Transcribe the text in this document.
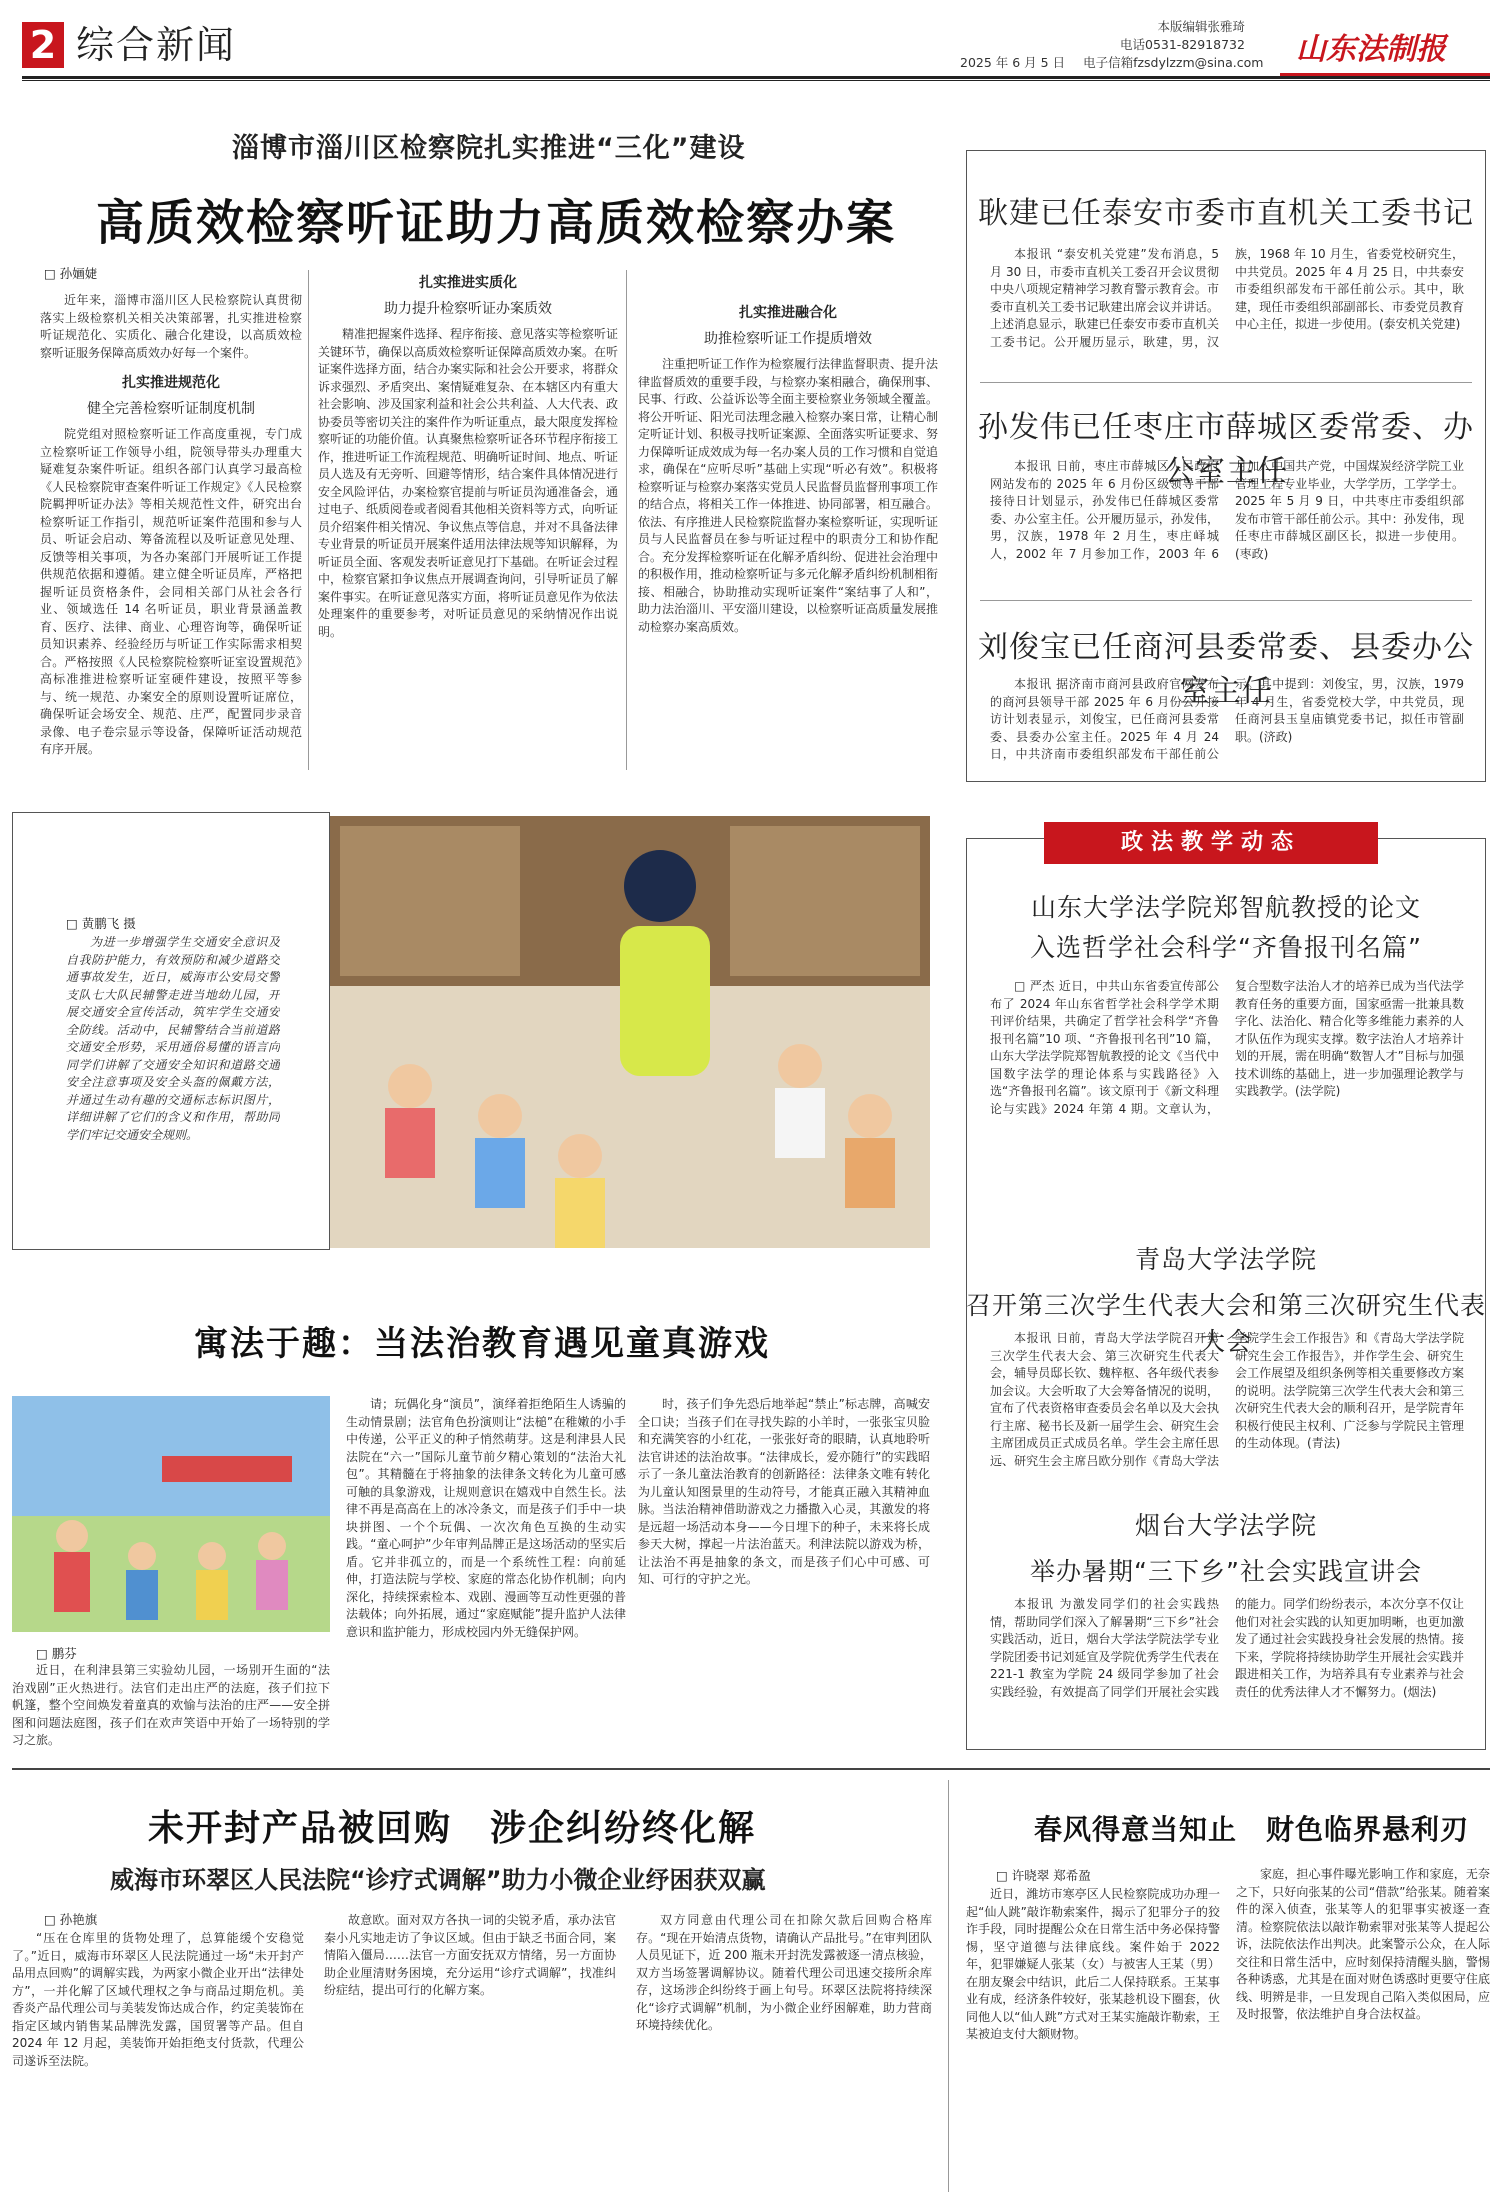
2 综合新闻	本版编辑张雅琦
电话0531-82918732
2025 年 6 月 5 日 电子信箱fzsdylzzm@sina.com 山东法制报
淄博市淄川区检察院扎实推进“三化”建设
高质效检察听证助力高质效检察办案
□ 孙婳婕
近年来，淄博市淄川区人民检察院认真贯彻落实上级检察机关相关决策部署，扎实推进检察听证规范化、实质化、融合化建设，以高质效检察听证服务保障高质效办好每一个案件。
扎实推进规范化
健全完善检察听证制度机制
院党组对照检察听证工作高度重视，专门成立检察听证工作领导小组，院领导带头办理重大疑难复杂案件听证。组织各部门认真学习最高检《人民检察院审查案件听证工作规定》《人民检察院羁押听证办法》等相关规范性文件，研究出台检察听证工作指引，规范听证案件范围和参与人员、听证会启动、筹备流程以及听证意见处理、反馈等相关事项，为各办案部门开展听证工作提供规范依据和遵循。建立健全听证员库，严格把握听证员资格条件，会同相关部门从社会各行业、领域选任 14 名听证员，职业背景涵盖教育、医疗、法律、商业、心理咨询等，确保听证员知识素养、经验经历与听证工作实际需求相契合。严格按照《人民检察院检察听证室设置规范》高标准推进检察听证室硬件建设，按照平等参与、统一规范、办案安全的原则设置听证席位，确保听证会场安全、规范、庄严，配置同步录音录像、电子卷宗显示等设备，保障听证活动规范有序开展。
扎实推进实质化
助力提升检察听证办案质效
精准把握案件选择、程序衔接、意见落实等检察听证关键环节，确保以高质效检察听证保障高质效办案。在听证案件选择方面，结合办案实际和社会公开要求，将群众诉求强烈、矛盾突出、案情疑难复杂、在本辖区内有重大社会影响、涉及国家利益和社会公共利益、人大代表、政协委员等密切关注的案件作为听证重点，最大限度发挥检察听证的功能价值。认真聚焦检察听证各环节程序衔接工作，推进听证工作流程规范、明确听证时间、地点、听证员人选及有无旁听、回避等情形，结合案件具体情况进行安全风险评估，办案检察官提前与听证员沟通准备会，通过电子、纸质阅卷或者阅看其他相关资料等方式，向听证员介绍案件相关情况、争议焦点等信息，并对不具备法律专业背景的听证员开展案件适用法律法规等知识解释，为听证员全面、客观发表听证意见打下基础。在听证会过程中，检察官紧扣争议焦点开展调查询问，引导听证员了解案件事实。在听证意见落实方面，将听证员意见作为依法处理案件的重要参考，对听证员意见的采纳情况作出说明。
扎实推进融合化
助推检察听证工作提质增效
注重把听证工作作为检察履行法律监督职责、提升法律监督质效的重要手段，与检察办案相融合，确保刑事、民事、行政、公益诉讼等全面主要检察业务领域全覆盖。将公开听证、阳光司法理念融入检察办案日常，让精心制定听证计划、积极寻找听证案源、全面落实听证要求、努力保障听证成效成为每一名办案人员的工作习惯和自觉追求，确保在“应听尽听”基础上实现“听必有效”。积极将检察听证与检察办案落实党员人民监督员监督刑事项工作的结合点，将相关工作一体推进、协同部署，相互融合。依法、有序推进人民检察院监督办案检察听证，实现听证员与人民监督员在参与听证过程中的职责分工和协作配合。充分发挥检察听证在化解矛盾纠纷、促进社会治理中的积极作用，推动检察听证与多元化解矛盾纠纷机制相衔接、相融合，协助推动实现听证案件“案结事了人和”，助力法治淄川、平安淄川建设，以检察听证高质量发展推动检察办案高质效。
耿建已任泰安市委市直机关工委书记
本报讯 “泰安机关党建”发布消息，5 月 30 日，市委市直机关工委召开会议贯彻中央八项规定精神学习教育警示教育会。市委市直机关工委书记耿建出席会议并讲话。上述消息显示，耿建已任泰安市委市直机关工委书记。公开履历显示，耿建，男，汉族，1968 年 10 月生，省委党校研究生，中共党员。2025 年 4 月 25 日，中共泰安市委组织部发布干部任前公示。其中，耿建，现任市委组织部副部长、市委党员教育中心主任，拟进一步使用。(泰安机关党建)
孙发伟已任枣庄市薛城区委常委、办公室主任
本报讯 日前，枣庄市薛城区人民政府网站发布的 2025 年 6 月份区级领导干部接待日计划显示，孙发伟已任薛城区委常委、办公室主任。公开履历显示，孙发伟，男，汉族，1978 年 2 月生，枣庄峄城人，2002 年 7 月参加工作，2003 年 6 月加入中国共产党，中国煤炭经济学院工业管理工程专业毕业，大学学历，工学学士。2025 年 5 月 9 日，中共枣庄市委组织部发布市管干部任前公示。其中：孙发伟，现任枣庄市薛城区副区长，拟进一步使用。(枣政)
刘俊宝已任商河县委常委、县委办公室主任
本报讯 据济南市商河县政府官网发布的商河县领导干部 2025 年 6 月份公开接访计划表显示，刘俊宝，已任商河县委常委、县委办公室主任。2025 年 4 月 24 日，中共济南市委组织部发布干部任前公示。其中提到：刘俊宝，男，汉族，1979 年 4 月生，省委党校大学，中共党员，现任商河县玉皇庙镇党委书记，拟任市管副职。(济政)
□ 黄鹏飞 摄
为进一步增强学生交通安全意识及自我防护能力，有效预防和减少道路交通事故发生，近日，威海市公安局交警支队七大队民辅警走进当地幼儿园，开展交通安全宣传活动，筑牢学生交通安全防线。活动中，民辅警结合当前道路交通安全形势，采用通俗易懂的语言向同学们讲解了交通安全知识和道路交通安全注意事项及安全头盔的佩戴方法，并通过生动有趣的交通标志标识图片，详细讲解了它们的含义和作用，帮助同学们牢记交通安全规则。
寓法于趣：当法治教育遇见童真游戏
□ 鹏芬
近日，在利津县第三实验幼儿园，一场别开生面的“法治戏剧”正火热进行。法官们走出庄严的法庭，孩子们拉下帆篷，整个空间焕发着童真的欢愉与法治的庄严——安全拼图和问题法庭图，孩子们在欢声笑语中开始了一场特别的学习之旅。
请；玩偶化身“演员”，演绎着拒绝陌生人诱骗的生动情景剧；法官角色扮演则让“法槌”在稚嫩的小手中传递，公平正义的种子悄然萌芽。这是利津县人民法院在“六一”国际儿童节前夕精心策划的“法治大礼包”。其精髓在于将抽象的法律条文转化为儿童可感可触的具象游戏，让规则意识在嬉戏中自然生长。法律不再是高高在上的冰冷条文，而是孩子们手中一块块拼图、一个个玩偶、一次次角色互换的生动实践。“童心呵护”少年审判品牌正是这场活动的坚实后盾。它并非孤立的，而是一个系统性工程：向前延伸，打造法院与学校、家庭的常态化协作机制；向内深化，持续探索检本、戏剧、漫画等互动性更强的普法载体；向外拓展，通过“家庭赋能”提升监护人法律意识和监护能力，形成校园内外无缝保护网。
时，孩子们争先恐后地举起“禁止”标志牌，高喊安全口诀；当孩子们在寻找失踪的小羊时，一张张宝贝脸和充满笑容的小红花，一张张好奇的眼睛，认真地聆听法官讲述的法治故事。“法律成长，爱亦随行”的实践昭示了一条儿童法治教育的创新路径：法律条文唯有转化为儿童认知图景里的生动符号，才能真正融入其精神血脉。当法治精神借助游戏之力播撒入心灵，其激发的将是远超一场活动本身——今日埋下的种子，未来将长成参天大树，撑起一片法治蓝天。利津法院以游戏为桥，让法治不再是抽象的条文，而是孩子们心中可感、可知、可行的守护之光。
政法教学动态
山东大学法学院郑智航教授的论文
入选哲学社会科学“齐鲁报刊名篇”
□ 严杰 近日，中共山东省委宣传部公布了 2024 年山东省哲学社会科学学术期刊评价结果，共确定了哲学社会科学“齐鲁报刊名篇”10 项、“齐鲁报刊名刊”10 篇，山东大学法学院郑智航教授的论文《当代中国数字法学的理论体系与实践路径》入选“齐鲁报刊名篇”。该文原刊于《新文科理论与实践》2024 年第 4 期。文章认为，复合型数字法治人才的培养已成为当代法学教育任务的重要方面，国家亟需一批兼具数字化、法治化、精合化等多维能力素养的人才队伍作为现实支撑。数字法治人才培养计划的开展，需在明确“数智人才”目标与加强技术训练的基础上，进一步加强理论教学与实践教学。(法学院)
青岛大学法学院
召开第三次学生代表大会和第三次研究生代表大会
本报讯 日前，青岛大学法学院召开第三次学生代表大会、第三次研究生代表大会，辅导员邸长钦、魏梓枢、各年级代表参加会议。大会听取了大会筹备情况的说明，宣布了代表资格审查委员会名单以及大会执行主席、秘书长及新一届学生会、研究生会主席团成员正式成员名单。学生会主席任思远、研究生会主席吕欧分别作《青岛大学法学院学生会工作报告》和《青岛大学法学院研究生会工作报告》，并作学生会、研究生会工作展望及组织条例等相关重要修改方案的说明。法学院第三次学生代表大会和第三次研究生代表大会的顺利召开，是学院青年积极行使民主权利、广泛参与学院民主管理的生动体现。(青法)
烟台大学法学院
举办暑期“三下乡”社会实践宣讲会
本报讯 为激发同学们的社会实践热情，帮助同学们深入了解暑期“三下乡”社会实践活动，近日，烟台大学法学院法学专业学院团委书记刘延宣及学院优秀学生代表在 221-1 教室为学院 24 级同学参加了社会实践经验，有效提高了同学们开展社会实践的能力。同学们纷纷表示，本次分享不仅让他们对社会实践的认知更加明晰，也更加激发了通过社会实践投身社会发展的热情。接下来，学院将持续协助学生开展社会实践并跟进相关工作，为培养具有专业素养与社会责任的优秀法律人才不懈努力。(烟法)
未开封产品被回购　涉企纠纷终化解
威海市环翠区人民法院“诊疗式调解”助力小微企业纾困获双赢
□ 孙艳旗
“压在仓库里的货物处理了，总算能缓个安稳觉了。”近日，威海市环翠区人民法院通过一场“未开封产品用点回购”的调解实践，为两家小微企业开出“法律处方”，一并化解了区域代理权之争与商品过期危机。美香炎产品代理公司与美装发饰达成合作，约定美装饰在指定区域内销售某品牌洗发露，国贸署等产品。但自 2024 年 12 月起，美装饰开始拒绝支付货款，代理公司遂诉至法院。
故意欧。面对双方各执一词的尖锐矛盾，承办法官秦小凡实地走访了争议区域。但由于缺乏书面合同，案情陷入僵局……法官一方面安抚双方情绪，另一方面协助企业厘清财务困境，充分运用“诊疗式调解”，找准纠纷症结，提出可行的化解方案。
双方同意由代理公司在扣除欠款后回购合格库存。“现在开始清点货物，请确认产品批号。”在审判团队人员见证下，近 200 瓶未开封洗发露被逐一清点核验，双方当场签署调解协议。随着代理公司迅速交接所余库存，这场涉企纠纷终于画上句号。环翠区法院将持续深化“诊疗式调解”机制，为小微企业纾困解难，助力营商环境持续优化。
春风得意当知止　财色临界悬利刃
□ 许晓翠 郑希盈
近日，潍坊市寒亭区人民检察院成功办理一起“仙人跳”敲诈勒索案件，揭示了犯罪分子的狡诈手段，同时提醒公众在日常生活中务必保持警惕，坚守道德与法律底线。案件始于 2022 年，犯罪嫌疑人张某（女）与被害人王某（男）在朋友聚会中结识，此后二人保持联系。王某事业有成，经济条件较好，张某趁机设下圈套，伙同他人以“仙人跳”方式对王某实施敲诈勒索，王某被迫支付大额财物。
家庭，担心事件曝光影响工作和家庭，无奈之下，只好向张某的公司“借款”给张某。随着案件的深入侦查，张某等人的犯罪事实被逐一查清。检察院依法以敲诈勒索罪对张某等人提起公诉，法院依法作出判决。此案警示公众，在人际交往和日常生活中，应时刻保持清醒头脑，警惕各种诱惑，尤其是在面对财色诱惑时更要守住底线、明辨是非，一旦发现自己陷入类似困局，应及时报警，依法维护自身合法权益。
